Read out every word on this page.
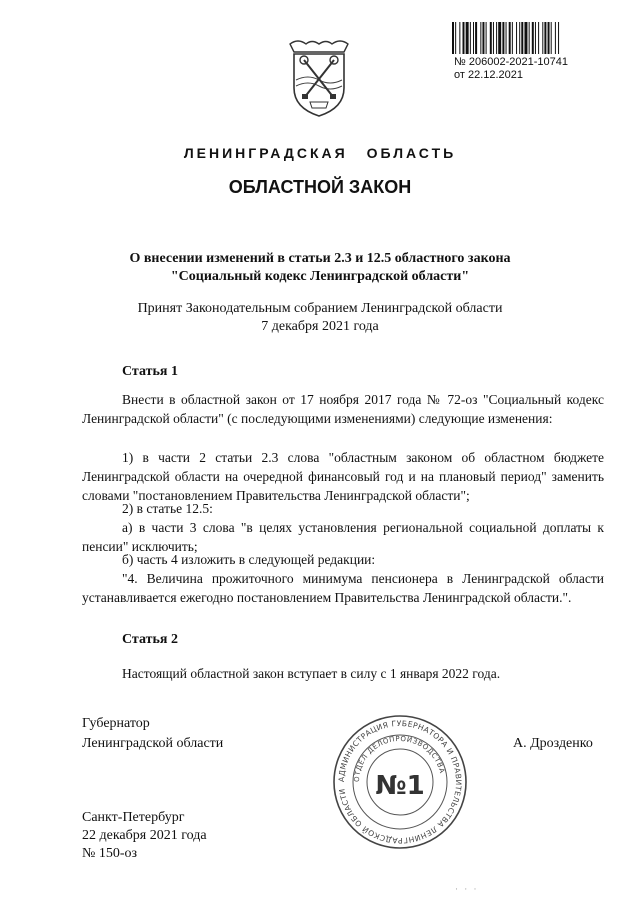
№ 206002-2021-10741
от 22.12.2021
ЛЕНИНГРАДСКАЯ ОБЛАСТЬ
ОБЛАСТНОЙ ЗАКОН
О внесении изменений в статьи 2.3 и 12.5 областного закона
"Социальный кодекс Ленинградской области"
Принят Законодательным собранием Ленинградской области
7 декабря 2021 года
Статья 1
Внести в областной закон от 17 ноября 2017 года № 72-оз "Социальный кодекс Ленинградской области" (с последующими изменениями) следующие изменения:
1) в части 2 статьи 2.3 слова "областным законом об областном бюджете Ленинградской области на очередной финансовый год и на плановый период" заменить словами "постановлением Правительства Ленинградской области";
2) в статье 12.5:
а) в части 3 слова "в целях установления региональной социальной доплаты к пенсии" исключить;
б) часть 4 изложить в следующей редакции:
"4. Величина прожиточного минимума пенсионера в Ленинградской области устанавливается ежегодно постановлением Правительства Ленинградской области.".
Статья 2
Настоящий областной закон вступает в силу с 1 января 2022 года.
Губернатор
Ленинградской области	А. Дрозденко
АДМИНИСТРАЦИЯ ГУБЕРНАТОРА И ПРАВИТЕЛЬСТВА ЛЕНИНГРАДСКОЙ ОБЛАСТИ
ОТДЕЛ ДЕЛОПРОИЗВОДСТВА
№1
Санкт-Петербург
22 декабря 2021 года
№ 150-оз
· · ·
